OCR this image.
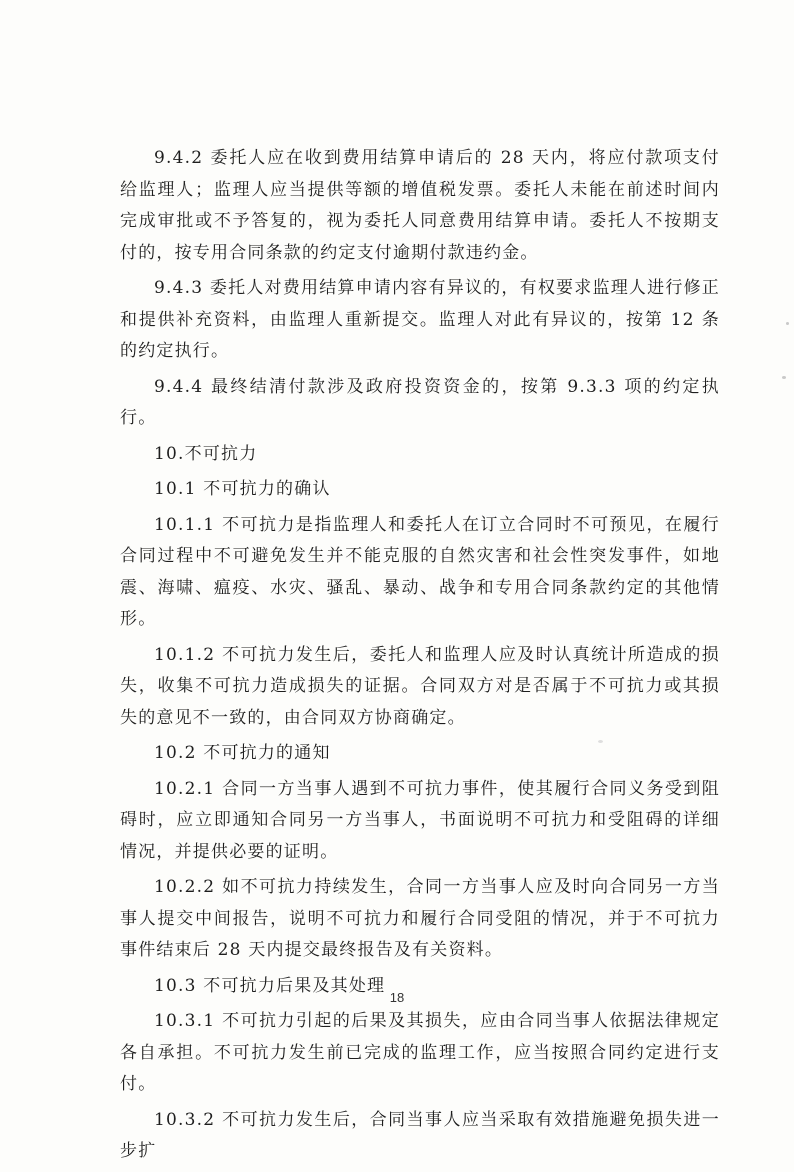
9.4.2 委托人应在收到费用结算申请后的 28 天内，将应付款项支付给监理人；监理人应当提供等额的增值税发票。委托人未能在前述时间内完成审批或不予答复的，视为委托人同意费用结算申请。委托人不按期支付的，按专用合同条款的约定支付逾期付款违约金。

9.4.3 委托人对费用结算申请内容有异议的，有权要求监理人进行修正和提供补充资料，由监理人重新提交。监理人对此有异议的，按第 12 条的约定执行。

9.4.4 最终结清付款涉及政府投资资金的，按第 9.3.3 项的约定执行。

10.不可抗力

10.1 不可抗力的确认

10.1.1 不可抗力是指监理人和委托人在订立合同时不可预见，在履行合同过程中不可避免发生并不能克服的自然灾害和社会性突发事件，如地震、海啸、瘟疫、水灾、骚乱、暴动、战争和专用合同条款约定的其他情形。

10.1.2 不可抗力发生后，委托人和监理人应及时认真统计所造成的损失，收集不可抗力造成损失的证据。合同双方对是否属于不可抗力或其损失的意见不一致的，由合同双方协商确定。

10.2 不可抗力的通知

10.2.1 合同一方当事人遇到不可抗力事件，使其履行合同义务受到阻碍时，应立即通知合同另一方当事人，书面说明不可抗力和受阻碍的详细情况，并提供必要的证明。

10.2.2 如不可抗力持续发生，合同一方当事人应及时向合同另一方当事人提交中间报告，说明不可抗力和履行合同受阻的情况，并于不可抗力事件结束后 28 天内提交最终报告及有关资料。

10.3 不可抗力后果及其处理

10.3.1 不可抗力引起的后果及其损失，应由合同当事人依据法律规定各自承担。不可抗力发生前已完成的监理工作，应当按照合同约定进行支付。

10.3.2 不可抗力发生后，合同当事人应当采取有效措施避免损失进一步扩

18
